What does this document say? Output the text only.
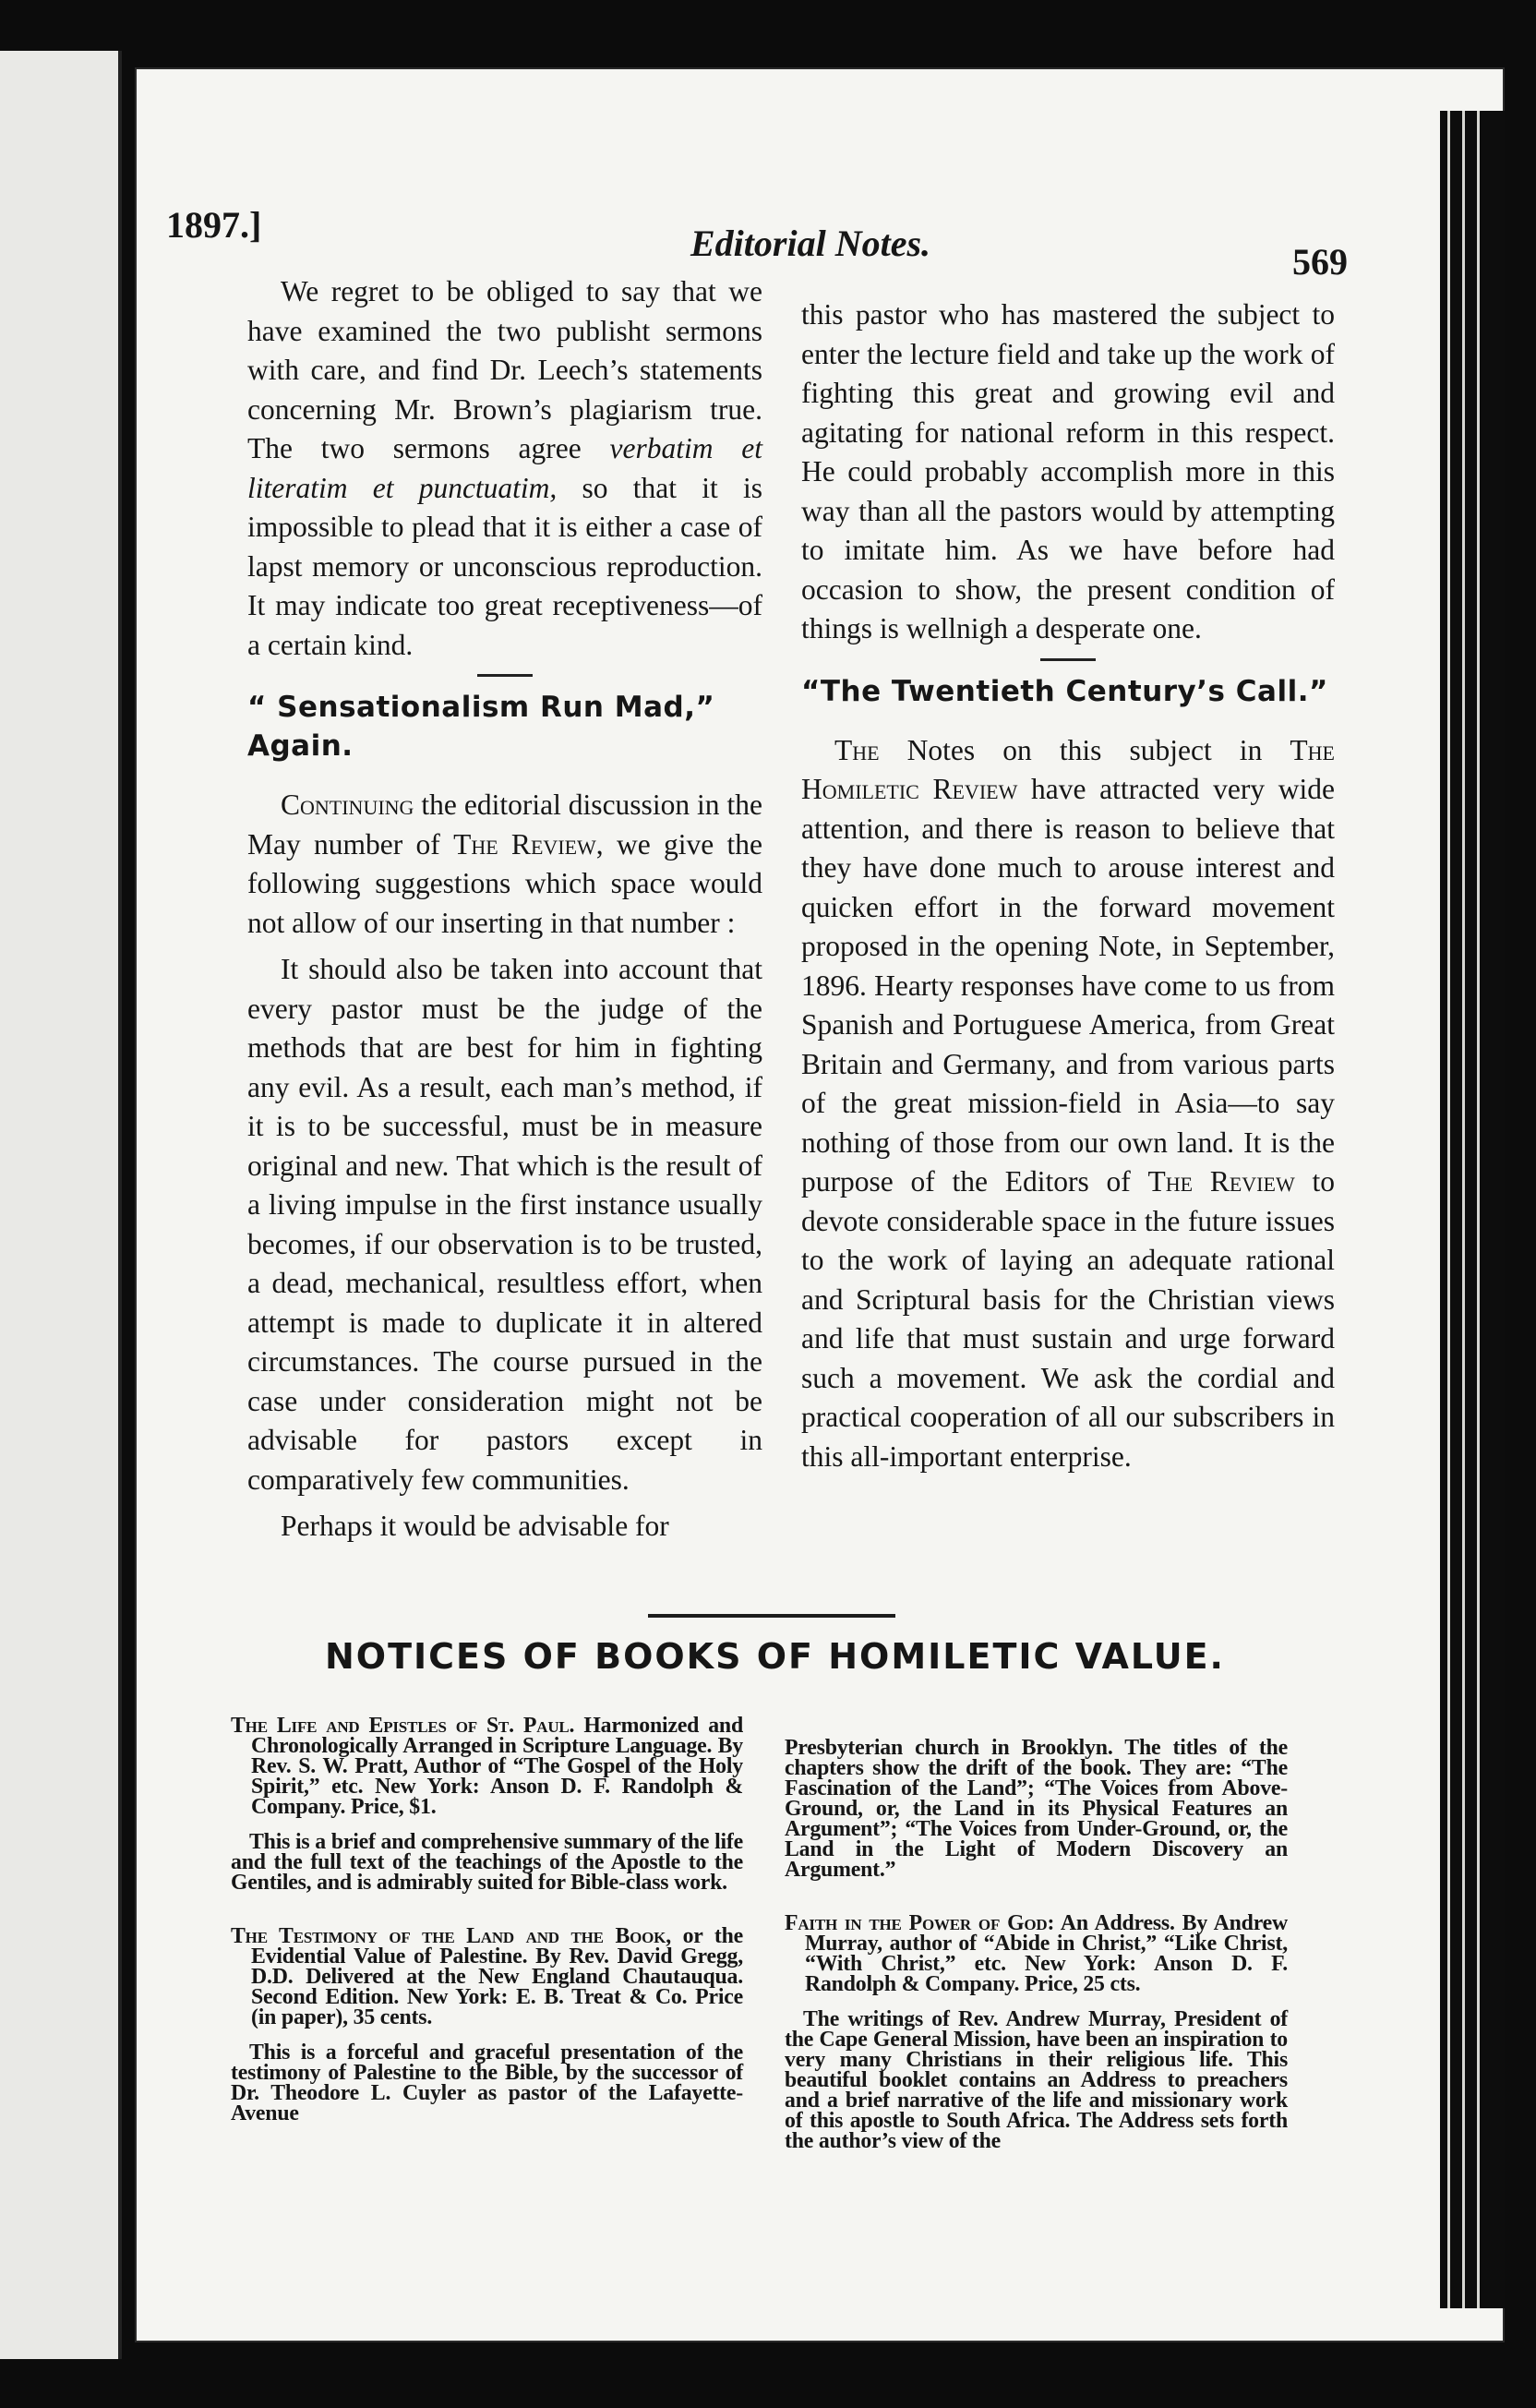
1897.]	Editorial Notes.	569

We regret to be obliged to say that we have examined the two publisht sermons with care, and find Dr. Leech’s statements concerning Mr. Brown’s plagiarism true. The two sermons agree verbatim et literatim et punctuatim, so that it is impossible to plead that it is either a case of lapst memory or unconscious reproduction. It may indicate too great receptiveness—of a certain kind.

“ Sensationalism Run Mad,” Again.

Continuing the editorial discussion in the May number of The Review, we give the following suggestions which space would not allow of our inserting in that number :

It should also be taken into account that every pastor must be the judge of the methods that are best for him in fighting any evil. As a result, each man’s method, if it is to be successful, must be in measure original and new. That which is the result of a living impulse in the first instance usually becomes, if our observation is to be trusted, a dead, mechanical, resultless effort, when attempt is made to duplicate it in altered circumstances. The course pursued in the case under consideration might not be advisable for pastors except in comparatively few communities.

Perhaps it would be advisable for

this pastor who has mastered the subject to enter the lecture field and take up the work of fighting this great and growing evil and agitating for national reform in this respect. He could probably accomplish more in this way than all the pastors would by attempting to imitate him. As we have before had occasion to show, the present condition of things is wellnigh a desperate one.

“The Twentieth Century’s Call.”

The Notes on this subject in The Homiletic Review have attracted very wide attention, and there is reason to believe that they have done much to arouse interest and quicken effort in the forward movement proposed in the opening Note, in September, 1896. Hearty responses have come to us from Spanish and Portuguese America, from Great Britain and Germany, and from various parts of the great mission-field in Asia—to say nothing of those from our own land. It is the purpose of the Editors of The Review to devote considerable space in the future issues to the work of laying an adequate rational and Scriptural basis for the Christian views and life that must sustain and urge forward such a movement. We ask the cordial and practical cooperation of all our subscribers in this all-important enterprise.

NOTICES OF BOOKS OF HOMILETIC VALUE.

The Life and Epistles of St. Paul. Harmonized and Chronologically Arranged in Scripture Language. By Rev. S. W. Pratt, Author of “The Gospel of the Holy Spirit,” etc. New York: Anson D. F. Randolph & Company. Price, $1.

This is a brief and comprehensive summary of the life and the full text of the teachings of the Apostle to the Gentiles, and is admirably suited for Bible-class work.

The Testimony of the Land and the Book, or the Evidential Value of Palestine. By Rev. David Gregg, D.D. Delivered at the New England Chautauqua. Second Edition. New York: E. B. Treat & Co. Price (in paper), 35 cents.

This is a forceful and graceful presentation of the testimony of Palestine to the Bible, by the successor of Dr. Theodore L. Cuyler as pastor of the Lafayette-Avenue

Presbyterian church in Brooklyn. The titles of the chapters show the drift of the book. They are: “The Fascination of the Land”; “The Voices from Above-Ground, or, the Land in its Physical Features an Argument”; “The Voices from Under-Ground, or, the Land in the Light of Modern Discovery an Argument.”

Faith in the Power of God: An Address. By Andrew Murray, author of “Abide in Christ,” “Like Christ, “With Christ,” etc. New York: Anson D. F. Randolph & Company. Price, 25 cts.

The writings of Rev. Andrew Murray, President of the Cape General Mission, have been an inspiration to very many Christians in their religious life. This beautiful booklet contains an Address to preachers and a brief narrative of the life and missionary work of this apostle to South Africa. The Address sets forth the author’s view of the
